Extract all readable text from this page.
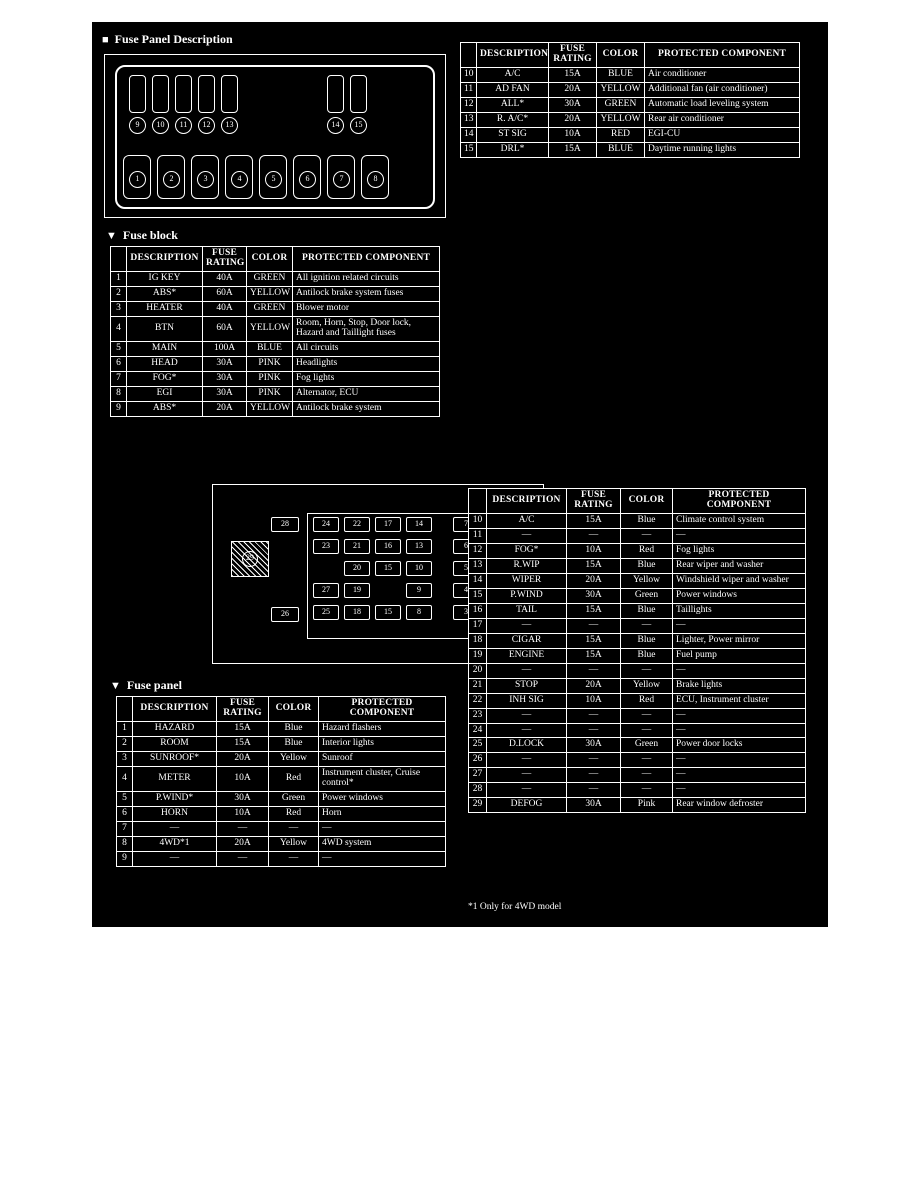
■ Fuse Panel Description
9	10	11	12	13	14	15
1	2	3	4	5	6	7	8
	DESCRIPTION	FUSE
RATING	COLOR	PROTECTED COMPONENT
10	A/C	15A	BLUE	Air conditioner
11	AD FAN	20A	YELLOW	Additional fan (air conditioner)
12	ALL*	30A	GREEN	Automatic load leveling system
13	R. A/C*	20A	YELLOW	Rear air conditioner
14	ST SIG	10A	RED	EGI-CU
15	DRL*	15A	BLUE	Daytime running lights
▼ Fuse block
	DESCRIPTION	FUSE
RATING	COLOR	PROTECTED COMPONENT
1	IG KEY	40A	GREEN	All ignition related circuits
2	ABS*	60A	YELLOW	Antilock brake system fuses
3	HEATER	40A	GREEN	Blower motor
4	BTN	60A	YELLOW	Room, Horn, Stop, Door lock, Hazard and Taillight fuses
5	MAIN	100A	BLUE	All circuits
6	HEAD	30A	PINK	Headlights
7	FOG*	30A	PINK	Fog lights
8	EGI	30A	PINK	Alternator, ECU
9	ABS*	20A	YELLOW	Antilock brake system
29
28
26
24	22	17	14	7
23	21	16	13	6
20	15	10	5
27	19	9	4
25	18	15	8	3
▼ Fuse panel
	DESCRIPTION	FUSE
RATING	COLOR	PROTECTED
COMPONENT

1	HAZARD	15A	Blue	Hazard flashers
2	ROOM	15A	Blue	Interior lights
3	SUNROOF*	20A	Yellow	Sunroof
4	METER	10A	Red	Instrument cluster, Cruise control*
5	P.WIND*	30A	Green	Power windows
6	HORN	10A	Red	Horn
7	—	—	—	—
8	4WD*1	20A	Yellow	4WD system
9	—	—	—	—
	DESCRIPTION	FUSE
RATING	COLOR	PROTECTED
COMPONENT

10	A/C	15A	Blue	Climate control system
11	—	—	—	—
12	FOG*	10A	Red	Fog lights
13	R.WIP	15A	Blue	Rear wiper and washer
14	WIPER	20A	Yellow	Windshield wiper and washer
15	P.WIND	30A	Green	Power windows
16	TAIL	15A	Blue	Taillights
17	—	—	—	—
18	CIGAR	15A	Blue	Lighter, Power mirror
19	ENGINE	15A	Blue	Fuel pump
20	—	—	—	—
21	STOP	20A	Yellow	Brake lights
22	INH SIG	10A	Red	ECU, Instrument cluster
23	—	—	—	—
24	—	—	—	—
25	D.LOCK	30A	Green	Power door locks
26	—	—	—	—
27	—	—	—	—
28	—	—	—	—
29	DEFOG	30A	Pink	Rear window defroster
*1 Only for 4WD model
